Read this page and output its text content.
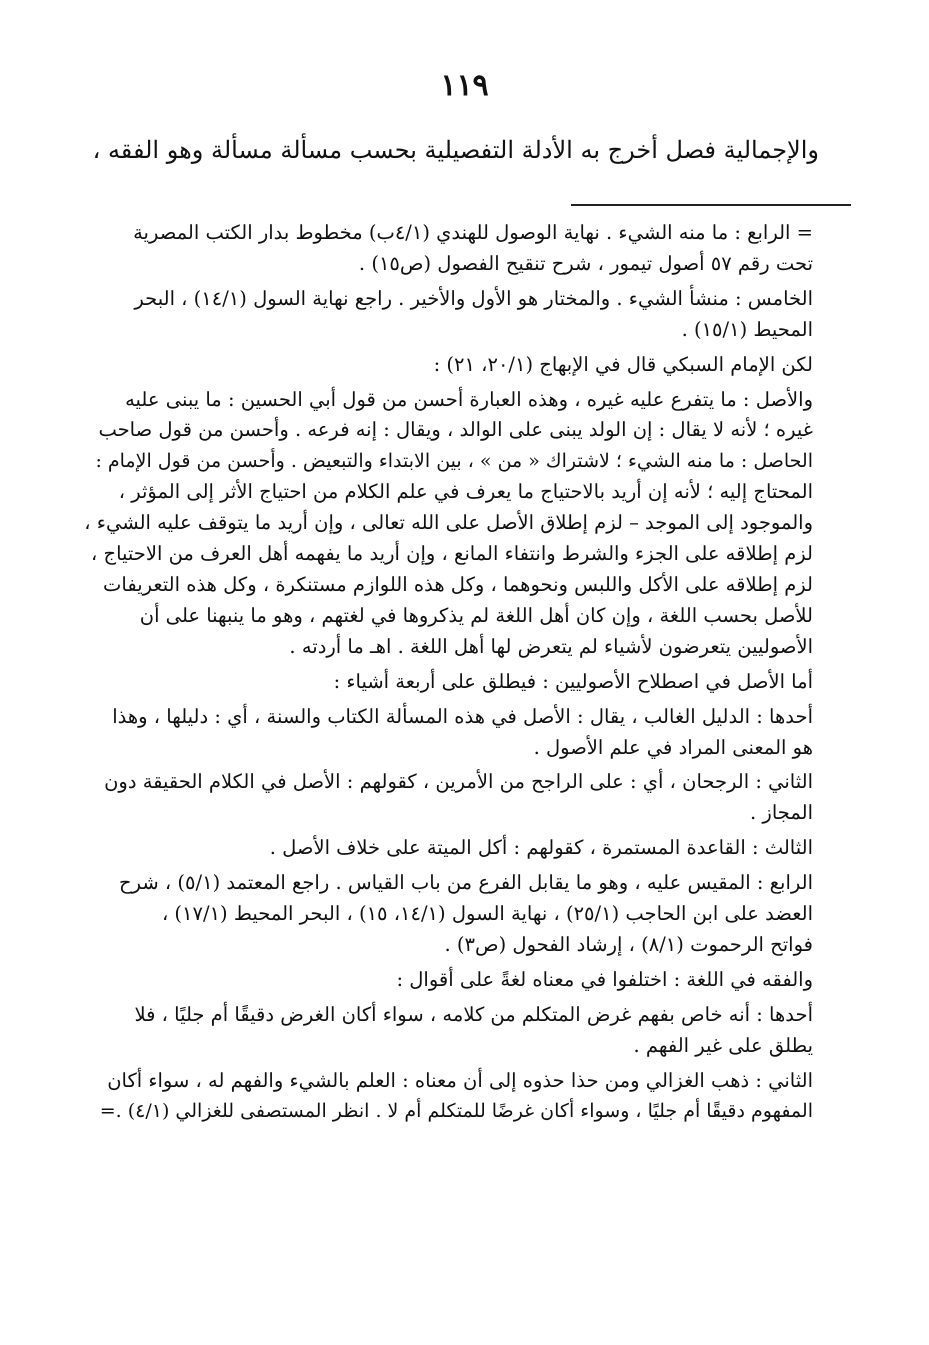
١١٩

والإجمالية فصل أخرج به الأدلة التفصيلية بحسب مسألة مسألة وهو الفقه ،

= الرابع : ما منه الشيء . نهاية الوصول للهندي (٤/١ب) مخطوط بدار الكتب المصرية
تحت رقم ٥٧ أصول تيمور ، شرح تنقيح الفصول (ص١٥) .

الخامس : منشأ الشيء . والمختار هو الأول والأخير . راجع نهاية السول (١٤/١) ، البحر
المحيط (١٥/١) .

لكن الإمام السبكي قال في الإبهاج (٢٠/١، ٢١) :

والأصل : ما يتفرع عليه غيره ، وهذه العبارة أحسن من قول أبي الحسين : ما يبنى عليه
غيره ؛ لأنه لا يقال : إن الولد يبنى على الوالد ، ويقال : إنه فرعه . وأحسن من قول صاحب
الحاصل : ما منه الشيء ؛ لاشتراك « من » ، بين الابتداء والتبعيض . وأحسن من قول الإمام :
المحتاج إليه ؛ لأنه إن أريد بالاحتياج ما يعرف في علم الكلام من احتياج الأثر إلى المؤثر ،
والموجود إلى الموجد – لزم إطلاق الأصل على الله تعالى ، وإن أريد ما يتوقف عليه الشيء ،
لزم إطلاقه على الجزء والشرط وانتفاء المانع ، وإن أريد ما يفهمه أهل العرف من الاحتياج ،
لزم إطلاقه على الأكل واللبس ونحوهما ، وكل هذه اللوازم مستنكرة ، وكل هذه التعريفات
للأصل بحسب اللغة ، وإن كان أهل اللغة لم يذكروها في لغتهم ، وهو ما ينبهنا على أن
الأصوليين يتعرضون لأشياء لم يتعرض لها أهل اللغة . اهـ ما أردته .

أما الأصل في اصطلاح الأصوليين : فيطلق على أربعة أشياء :

أحدها : الدليل الغالب ، يقال : الأصل في هذه المسألة الكتاب والسنة ، أي : دليلها ، وهذا
هو المعنى المراد في علم الأصول .

الثاني : الرجحان ، أي : على الراجح من الأمرين ، كقولهم : الأصل في الكلام الحقيقة دون
المجاز .

الثالث : القاعدة المستمرة ، كقولهم : أكل الميتة على خلاف الأصل .

الرابع : المقيس عليه ، وهو ما يقابل الفرع من باب القياس . راجع المعتمد (٥/١) ، شرح
العضد على ابن الحاجب (٢٥/١) ، نهاية السول (١٤/١، ١٥) ، البحر المحيط (١٧/١) ،
فواتح الرحموت (٨/١) ، إرشاد الفحول (ص٣) .

والفقه في اللغة : اختلفوا في معناه لغةً على أقوال :

أحدها : أنه خاص بفهم غرض المتكلم من كلامه ، سواء أكان الغرض دقيقًا أم جليًا ، فلا
يطلق على غير الفهم .

الثاني : ذهب الغزالي ومن حذا حذوه إلى أن معناه : العلم بالشيء والفهم له ، سواء أكان
المفهوم دقيقًا أم جليًا ، وسواء أكان غرضًا للمتكلم أم لا . انظر المستصفى للغزالي (٤/١) .=
